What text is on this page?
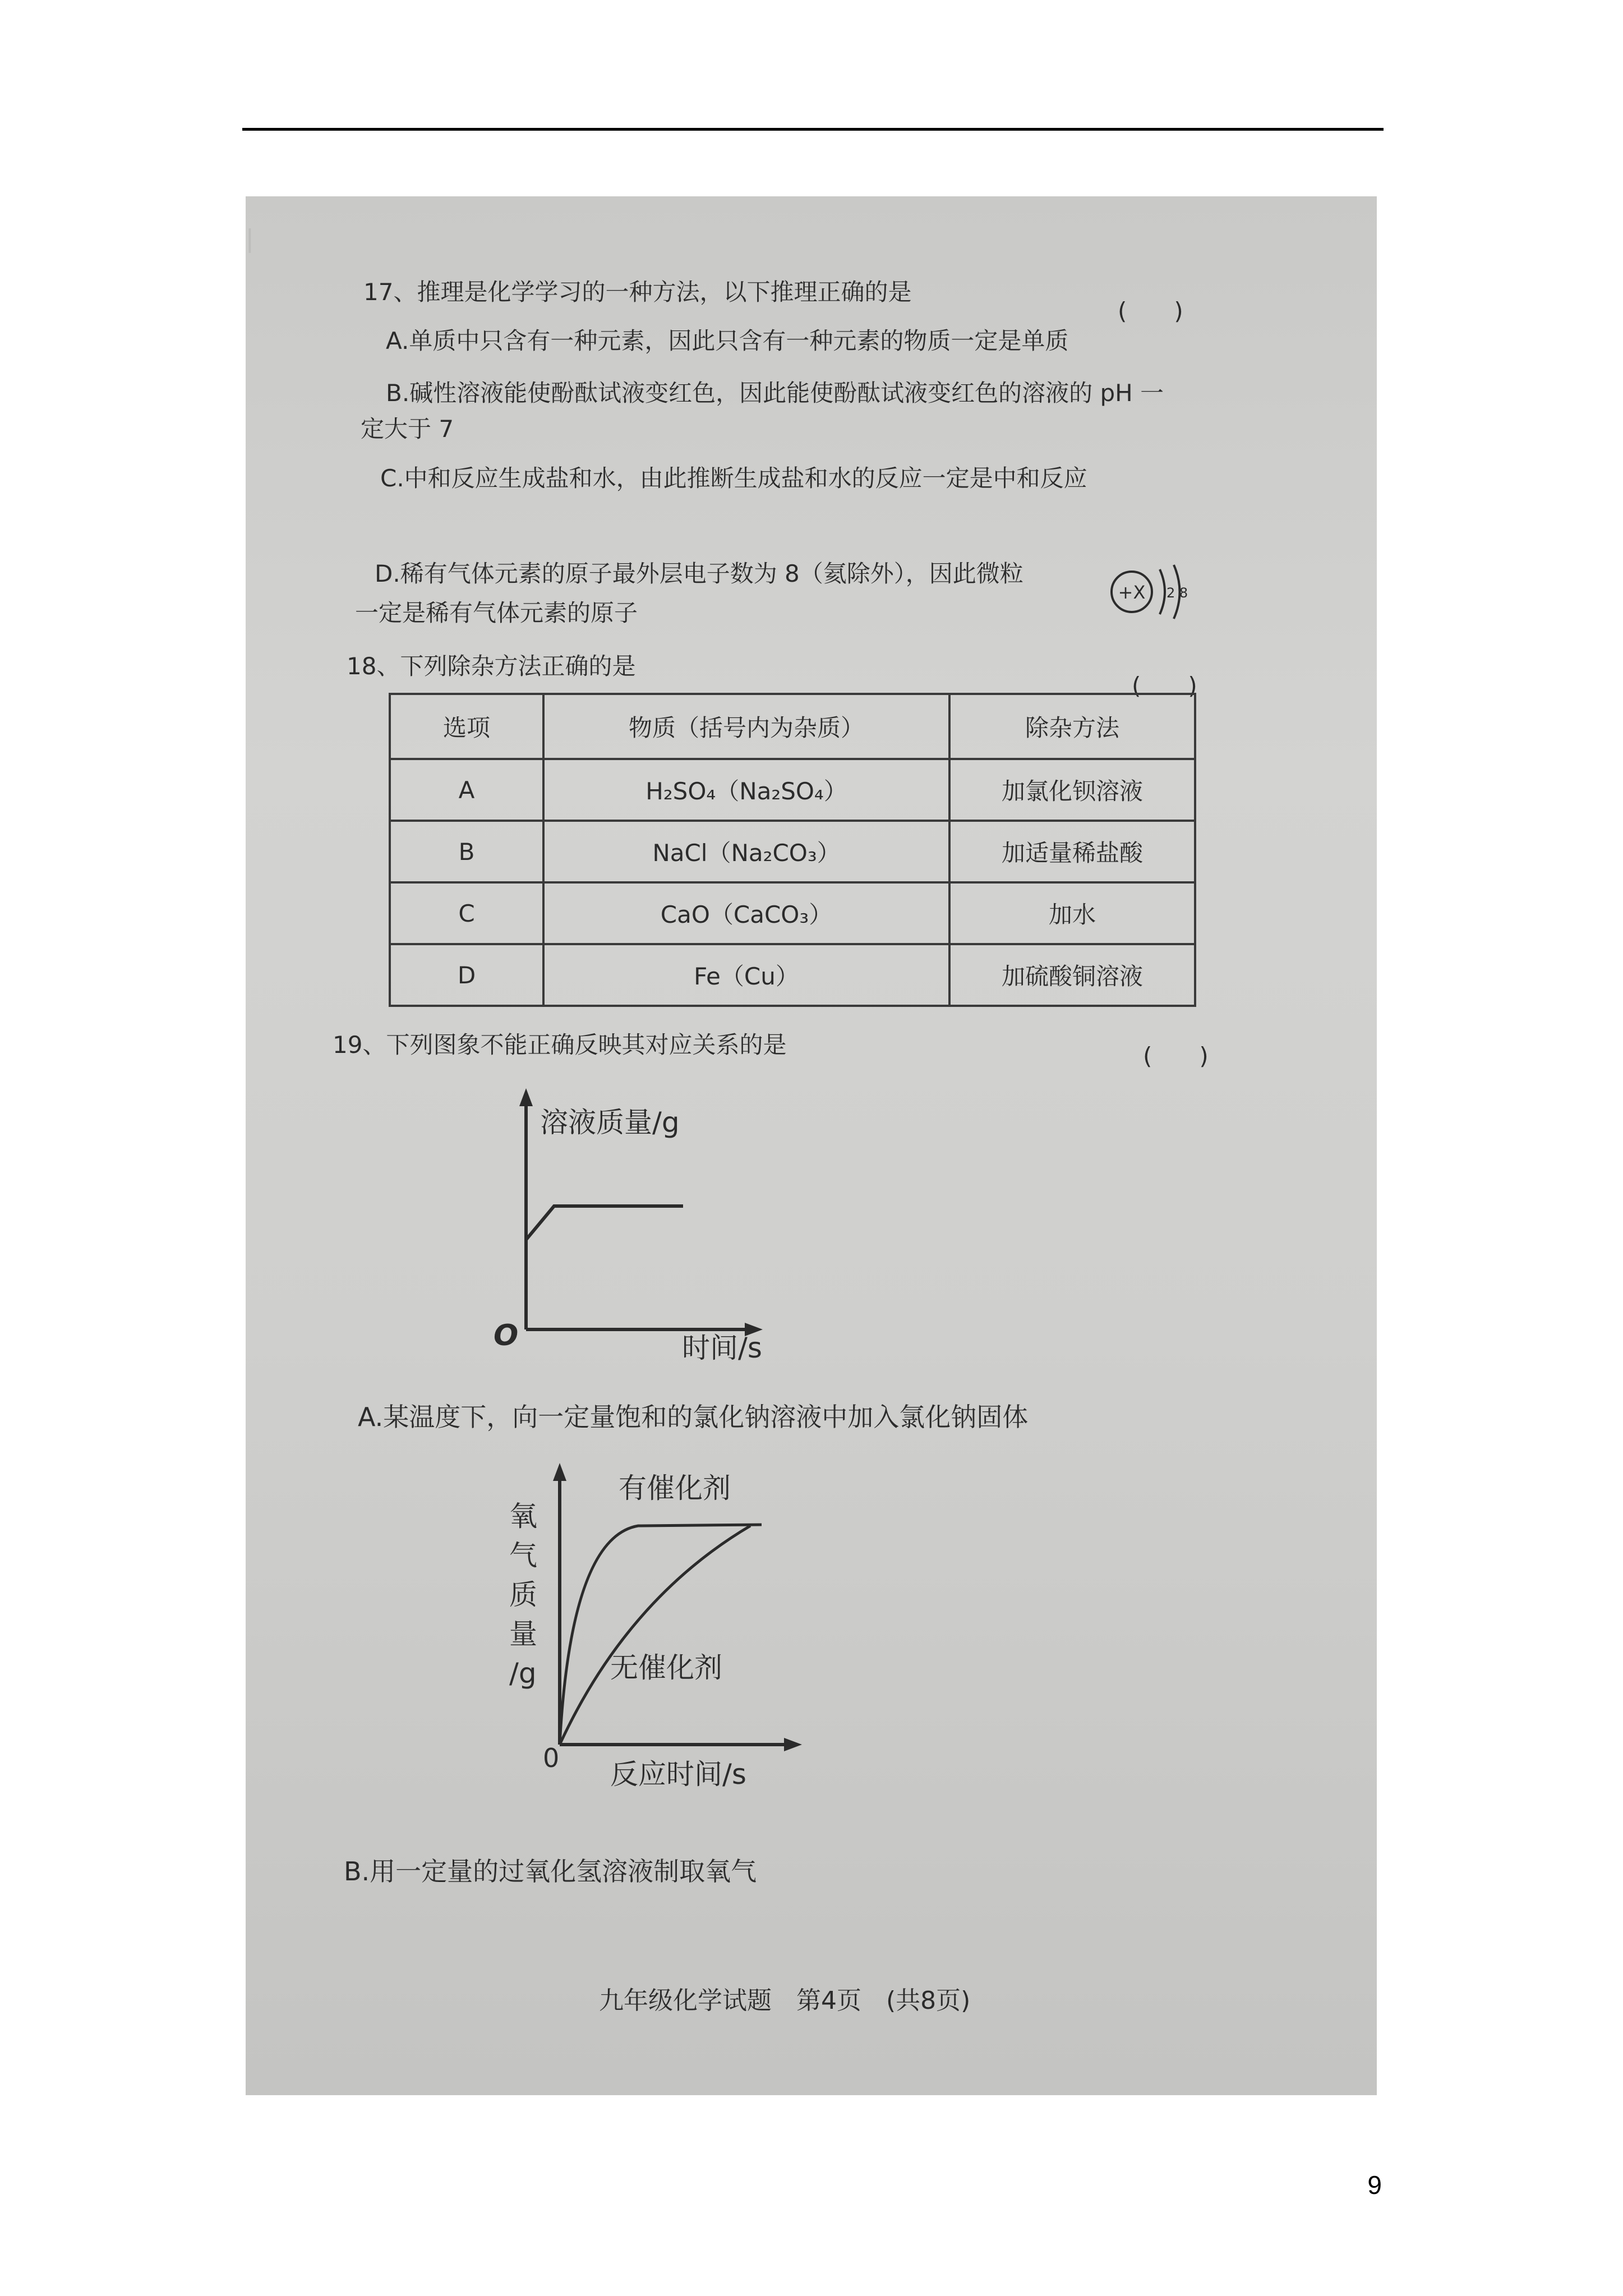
|
17、推理是化学学习的一种方法，以下推理正确的是
(　　)
A.单质中只含有一种元素，因此只含有一种元素的物质一定是单质
B.碱性溶液能使酚酞试液变红色，因此能使酚酞试液变红色的溶液的 pH 一
定大于 7
C.中和反应生成盐和水，由此推断生成盐和水的反应一定是中和反应
D.稀有气体元素的原子最外层电子数为 8（氦除外），因此微粒
一定是稀有气体元素的原子
+X 2 8
18、下列除杂方法正确的是
(　　)
选项	物质（括号内为杂质）	除杂方法
A	H₂SO₄（Na₂SO₄）	加氯化钡溶液
B	NaCl（Na₂CO₃）	加适量稀盐酸
C	CaO（CaCO₃）	加水
D	Fe（Cu）	加硫酸铜溶液
19、下列图象不能正确反映其对应关系的是	(　　)
溶液质量/g
时间/s
O
A.某温度下，向一定量饱和的氯化钠溶液中加入氯化钠固体
氧
气
质
量
/g
有催化剂
无催化剂
反应时间/s
0
B.用一定量的过氧化氢溶液制取氧气
九年级化学试题　第4页　(共8页)
9
